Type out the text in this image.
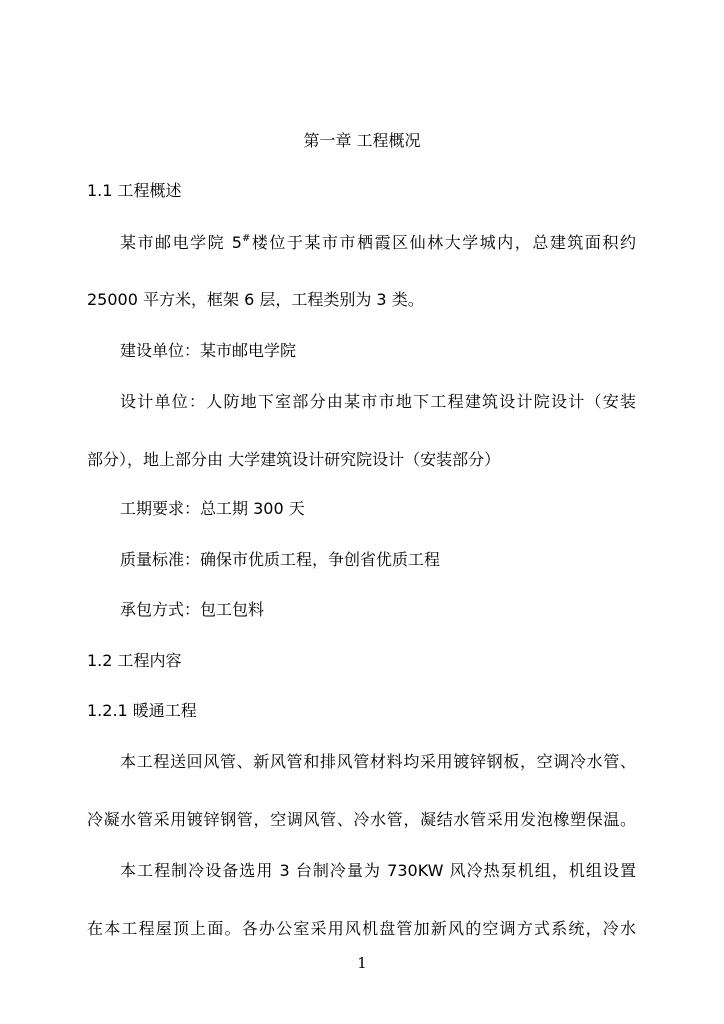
第一章 工程概况
1.1 工程概述
某市邮电学院 5#楼位于某市市栖霞区仙林大学城内，总建筑面积约
25000 平方米，框架 6 层，工程类别为 3 类。
建设单位：某市邮电学院
设计单位：人防地下室部分由某市市地下工程建筑设计院设计（安装
部分），地上部分由 大学建筑设计研究院设计（安装部分）
工期要求：总工期 300 天
质量标准：确保市优质工程，争创省优质工程
承包方式：包工包料
1.2 工程内容
1.2.1 暖通工程
本工程送回风管、新风管和排风管材料均采用镀锌钢板，空调冷水管、
冷凝水管采用镀锌钢管，空调风管、冷水管，凝结水管采用发泡橡塑保温。
本工程制冷设备选用 3 台制冷量为 730KW 风冷热泵机组，机组设置
在本工程屋顶上面。各办公室采用风机盘管加新风的空调方式系统，冷水
1
